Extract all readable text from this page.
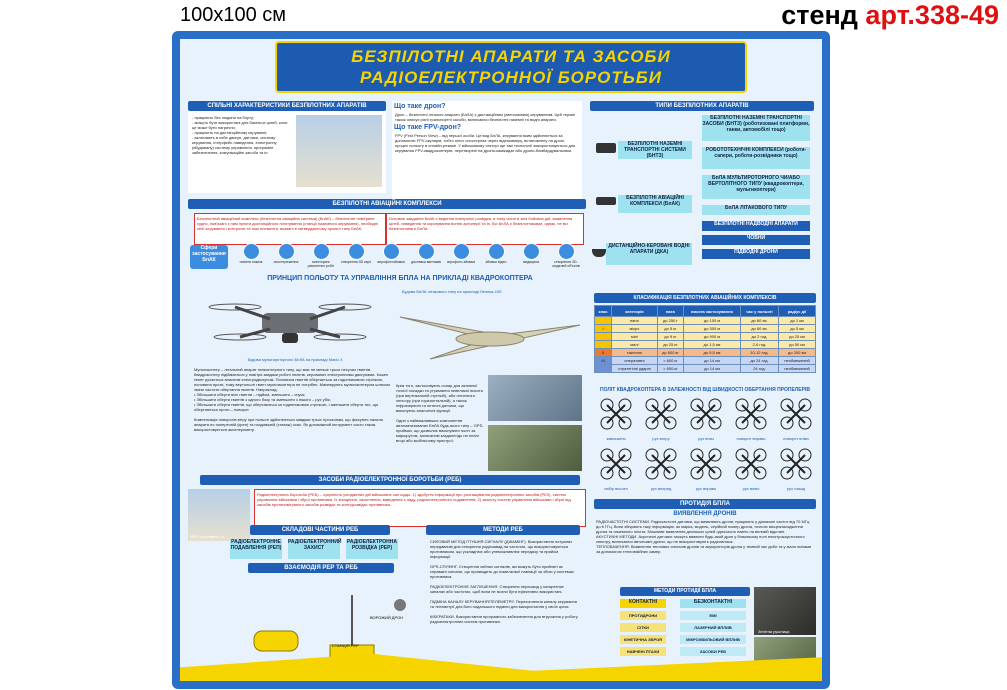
100x100 см	стенд арт.338-49
БЕЗПІЛОТНІ АПАРАТИ ТА ЗАСОБИ
РАДІОЕЛЕКТРОННОЇ БОРОТЬБИ
СПІЛЬНІ ХАРАКТЕРИСТИКИ БЕЗПІЛОТНИХ АПАРАТІВ
- працюють без людини на борту;
- можуть бути використані для багатьох цілей, коли це може бути нагрично;
- працюють на дистанційному керуванні;
- включають в себе двигун, датчики, систему керування, інтерфейс наведення, електронну (вбудовану) систему управління, програмне забезпечення, комунікаційні засоби та ін.
Що таке дрон?
Дрон – безпілотні літальні апарати (БпЛА) з дистанційним (автономним) керуванням. Цей термін також описує різні транспортні засоби, включаючи безпілотні наземні та водні апарати.
Що таке FPV-дрон?
FPV (First Person View) – від першої особи. Це вид БпЛА, керування яким здійснюється за допомогою FPV-окулярів, тобто пілот спостерігає через відеокамеру, встановлену на дроні, процес польоту в онлайн-режимі. У військовому секторі ще такі технології використовуються для керування FPV-квадрокоптерів, перетворені на дрони-камікадзе або дрони-бомбардувальники.
ТИПИ БЕЗПІЛОТНИХ АПАРАТІВ
БЕЗПІЛОТНІ НАЗЕМНІ ТРАНСПОРТНІ СИСТЕМИ (БНТЗ)
БЕЗПІЛОТНІ НАЗЕМНІ ТРАНСПОРТНІ ЗАСОБИ (БНТЗ) (роботизовані платформи, танки, автомобілі тощо)
РОБОТОТЕХНІЧНІ КОМПЛЕКСИ (роботи-сапери, роботи-розвідники тощо)
БЕЗПІЛОТНІ АВІАЦІЙНІ КОМПЛЕКСИ (БпАК)
БпЛА МУЛЬТИРОТОРНОГО ЧИ/АБО ВЕРТОЛІТНОГО ТИПУ (квадрокоптери, мультикоптери)
БпЛА ЛІТАКОВОГО ТИПУ
ДИСТАНЦІЙНО-КЕРОВАНІ ВОДНІ АПАРАТИ (ДКА)
БЕЗПІЛОТНІ НАДВОДНІ АПАРАТИ
ЧОВНИ
ПІДВОДНІ ДРОНИ
БЕЗПІЛОТНІ АВІАЦІЙНІ КОМПЛЕКСИ
Безпілотний авіаційний комплекс (безпілотна авіаційна система) (БпАК) – безпілотне повітряне судно, пов'язані з ним пункти дистанційного пілотування (станції наземного керування), необхідні лінії керування і контролю та інші елементи, вказані в затвердженому проєкті типу БпАК.
Основне завдання БпАК є ведення повітряної розвідки, в тому числі в зоні бойових дій, виявлення цілей, наведення та коригування вогню артилерії та ін. Всі БпЛА є безпілотниками, однак, не всі безпілотники є БпЛА.
Сфери застосування БпАК	гасіння пожеж	спостереження	моніторинг ремонтних робіт
створення 3D карт	аерофотозйомка	доставка вантажів	агрофото-зйомка	зйомки відео	медицина	створення 3D-моделей об'єктів
ПРИНЦИП ПОЛЬОТУ ТА УПРАВЛІННЯ БПЛА НА ПРИКЛАДІ КВАДРОКОПТЕРА
Будова мультироторного БпЛА на прикладі Mavic 3
Будова БпЛА літакового типу на прикладі Лелека-100
Мультикоптер – літальний апарат гелікоптерного типу, що має не менше трьох несучих гвинтів. Квадрокоптер підіймається у повітря завдяки роботі гвинтів, керованих електронними двигунами. Кожен гвинт рухається власним електродвигуном. Половина гвинтів обертається за годинниковою стрілкою, половина проти, тому вертольоті гвинт мультикоптера не потрібен. Маневрують мультикоптером шляхом зміни частоти обертання гвинтів. Наприклад:
• Збільшити оберти всіх гвинтів – підйом, зменшити – спуск;
• Збільшити оберти гвинтів з одного боку та зменшити з іншого – рух убік;
• Збільшити оберти гвинтів, що обертаються за годинниковою стрілкою, і зменшити оберти тих, що обертаються проти – поворот.

Компенсація поворотів вітру при польоті здійснюється завдяки трьох гіроскопам, що фіксують нахили апарата по поперечній (крен) та поздовжній (тангаж) осях. Як допоміжний інструмент часто також використовується акселерометр.
Крім того, застосовують сонар для активної точної посадки та утримання невеликої висоти (при вертикальній стрільбі), або оптичного сенсору (при горизонтальній), а також інфрачервоні та оптичні датчики, що виконують аналогічні функції.

Один з найважливіших компонентів автоматизованих БпЛА будь-якого типу – GPS-приймач, що дозволяє виконувати політ за маршрутом, записаним заздалегідь на плані вгорі або мобільному пристрої.
КЛАСИФІКАЦІЯ БЕЗПІЛОТНИХ АВІАЦІЙНИХ КОМПЛЕКСІВ
клас	категорія	вага	висота застосування	час у польоті	радіус дії
	нано	до 250 г	до 100 м	до 60 хв.	до 1 км
I	мікро	до 5 кг	до 300 м	до 60 хв.	до 5 км
	міні	до 9 кг	до 900 м	до 2 год.	до 25 км
	малі	до 25 кг	до 1,5 км	2-6 год.	до 50 км
II	тактичні	до 600 кг	до 5,5 км	10-12 год.	до 200 км
III	оперативні	> 600 кг	до 14 км	до 24 год.	необмежений
	стратегічні ударні	> 600 кг	до 14 км	24 год.	необмежений
ПОЛІТ КВАДРОКОПТЕРА В ЗАЛЕЖНОСТІ ВІД ШВИДКОСТІ ОБЕРТАННЯ ПРОПЕЛЕРІВ
зависання	рух вгору	рух вниз	поворот вправо	поворот вліво
набір висоти	рух вперед	рух вправо	рух вліво	рух назад
ЗАСОБИ РАДІОЕЛЕКТРОННОЇ БОРОТЬБИ (РЕБ)
РЕБ «Буковель-У»
Радіоелектронна боротьба (РЕБ) – сукупність узгоджених дій військових сил щодо: 1) здобуття інформації про розташування радіоелектронних засобів (РЕЗ), систем управління військами і зброї противника, їх знищення, захоплення, виведення з ладу, радіоелектронного подавлення; 2) захисту систем управління військами і зброї від засобів протиповітряного засобів розвідки та контррозвідки противника.
СКЛАДОВІ ЧАСТИНИ РЕБ
РАДІОЕЛЕКТРОННЕ ПОДАВЛЕННЯ (РЕП)
РАДІОЕЛЕКТРОННИЙ ЗАХИСТ
РАДІОЕЛЕКТРОННА РОЗВІДКА (РЕР)
ВЗАЄМОДІЯ РЕР ТА РЕБ
СТАНЦІЯ РЕР
ВОРОЖИЙ ДРОН
МЕТОДИ РЕБ
СИЛОВИЙ МЕТОД ПТУШНЯ СИГНАЛУ (ДЖАМІНГ). Використання потужних передавачів для створення радіозавад на частотах, що використовуються противником, що ускладнює або унеможливлює передачу та прийом інформації.

GPS-СПУФІНГ. Створення хибних сигналів, які можуть бути прийняті як справжні сигнали, що призводить до помилкової навігації чи збою у системах противника.

РАДІОЕЛЕКТРОННЕ ЗАГЛУШЕННЯ. Створення перешкод у конкретних каналах або частотах, щоб вони не могли бути ефективно використані.

ПІДМІНА КАНАЛУ КЕРУВАННЯ/ТЕЛЕМЕТРІЇ. Перехоплення каналу керування та телеметрії для його подальшого підміни для використання у своїх цілях.

КІБЕРАТАКИ. Використання програмного забезпечення для втручання у роботу радіоелектронних систем противника.
ПРОТИДІЯ БПЛА
ВИЯВЛЕННЯ ДРОНІВ
РАДІОЧАСТОТНІ СИСТЕМИ. Радіочастотні датчики, що виявляють дрони, працюють у діапазоні частот від 70 МГц до 6 ГГц. Вони збирають таку інформацію, як марка, модель, серійний номер дрона, точною місцезнаходження дрона та наземного пілота. Можливе виявлення декількох цілей одночасно навіть на великій відстані.
АКУСТИЧНІ МЕТОДИ. Акустичні датчики: можуть виявити будь-який дрон у ближньому полі електрокаустичного спектру, включаючи автономні дрони, що не використовують радіозв'язок.
ТЕПЛОБАЧЕННЯ. Виявлення теплових сигналів дронів та акумуляторів дрона у темний час доби та у мало вилами за допомогою тепловізійних камер.
МЕТОДИ ПРОТИДІЇ БПЛА
КОНТАКТНІ	БЕЗКОНТАКТНІ
ПРОТИДРОНИ
СІТКИ
КІНЕТИЧНА ЗБРОЯ
НАВЧЕНІ ПТАХИ
ЕМІ
ЛАЗЕРНИЙ ВПЛИВ
МІКРОХВИЛЬОВИЙ ВПЛИВ
ЗАСОБИ РЕБ
Зенітна рушниця
